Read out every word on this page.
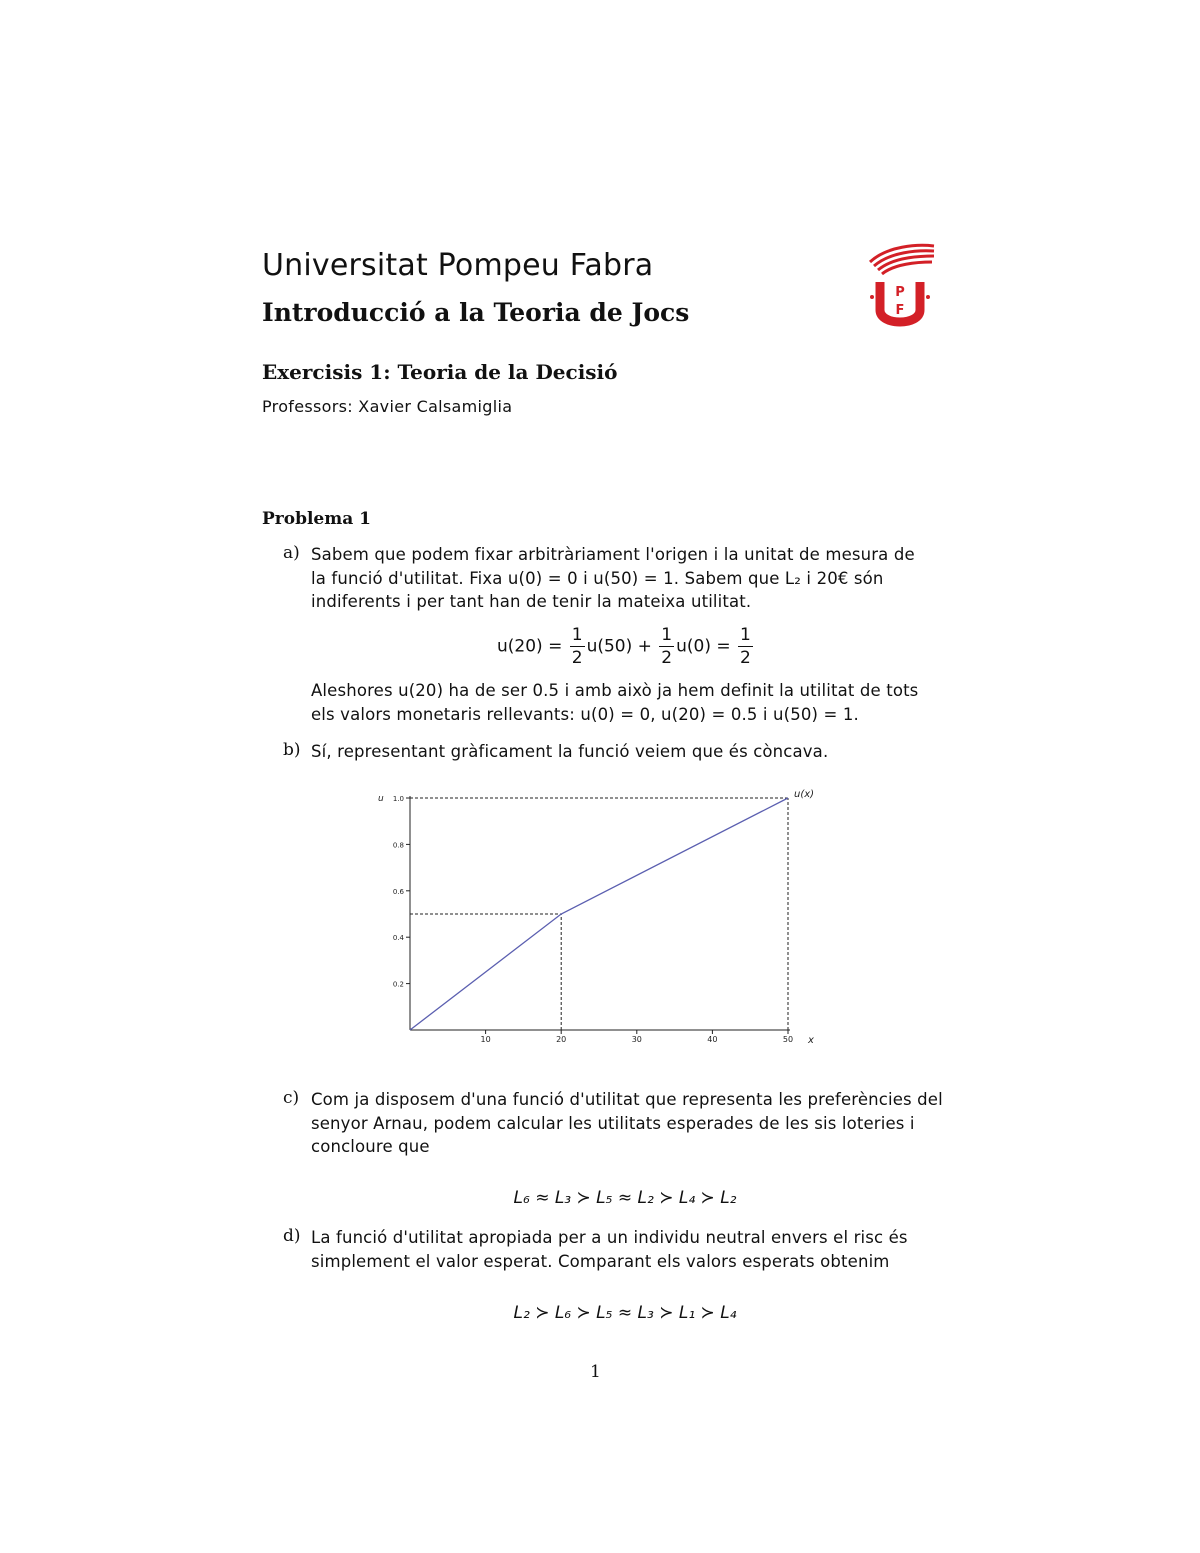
Universitat Pompeu Fabra
Introducció a la Teoria de Jocs
Exercisis 1: Teoria de la Decisió
Professors: Xavier Calsamiglia
P
F
Problema 1
a) Sabem que podem fixar arbitràriament l'origen i la unitat de mesura de
la funció d'utilitat. Fixa u(0) = 0 i u(50) = 1. Sabem que L₂ i 20€ són
indiferents i per tant han de tenir la mateixa utilitat.
$u(20) = \frac{1}{2} u(50) + \frac{1}{2} u(0) = \frac{1}{2}$
Aleshores u(20) ha de ser 0.5 i amb això ja hem definit la utilitat de tots
els valors monetaris rellevants: u(0) = 0, u(20) = 0.5 i u(50) = 1.
b) Sí, representant gràficament la funció veiem que és còncava.
10	20	30	40	50
0.2
0.4
0.6
0.8
1.0
x
u	u(x)
c) Com ja disposem d'una funció d'utilitat que representa les preferències del
senyor Arnau, podem calcular les utilitats esperades de les sis loteries i
concloure que
L₆ ≈ L₃ ≻ L₅ ≈ L₂ ≻ L₄ ≻ L₂
d) La funció d'utilitat apropiada per a un individu neutral envers el risc és
simplement el valor esperat. Comparant els valors esperats obtenim
L₂ ≻ L₆ ≻ L₅ ≈ L₃ ≻ L₁ ≻ L₄
1
